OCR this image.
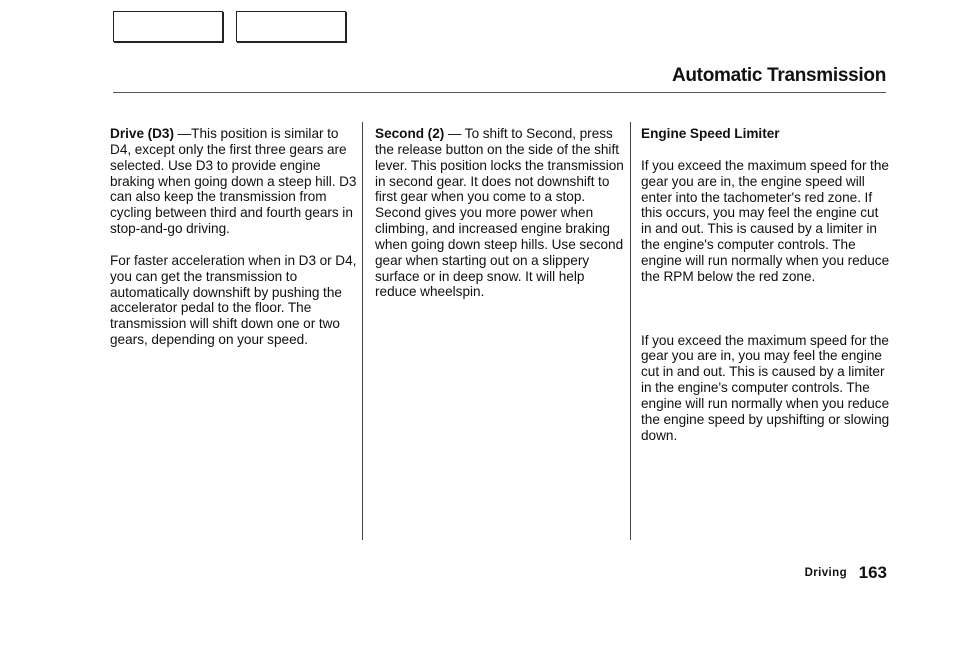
Automatic Transmission

Drive (D3) —This position is similar to D4, except only the first three gears are selected. Use D3 to provide engine braking when going down a steep hill. D3 can also keep the transmission from cycling between third and fourth gears in stop-and-go driving.

For faster acceleration when in D3 or D4, you can get the transmission to automatically downshift by pushing the accelerator pedal to the floor. The transmission will shift down one or two gears, depending on your speed.

Second (2) — To shift to Second, press the release button on the side of the shift lever. This position locks the transmission in second gear. It does not downshift to first gear when you come to a stop. Second gives you more power when climbing, and increased engine braking when going down steep hills. Use second gear when starting out on a slippery surface or in deep snow. It will help reduce wheelspin.

Engine Speed Limiter

If you exceed the maximum speed for the gear you are in, the engine speed will enter into the tachometer's red zone. If this occurs, you may feel the engine cut in and out. This is caused by a limiter in the engine's computer controls. The engine will run normally when you reduce the RPM below the red zone.

If you exceed the maximum speed for the gear you are in, you may feel the engine cut in and out. This is caused by a limiter in the engine's computer controls. The engine will run normally when you reduce the engine speed by upshifting or slowing down.

Driving 163
